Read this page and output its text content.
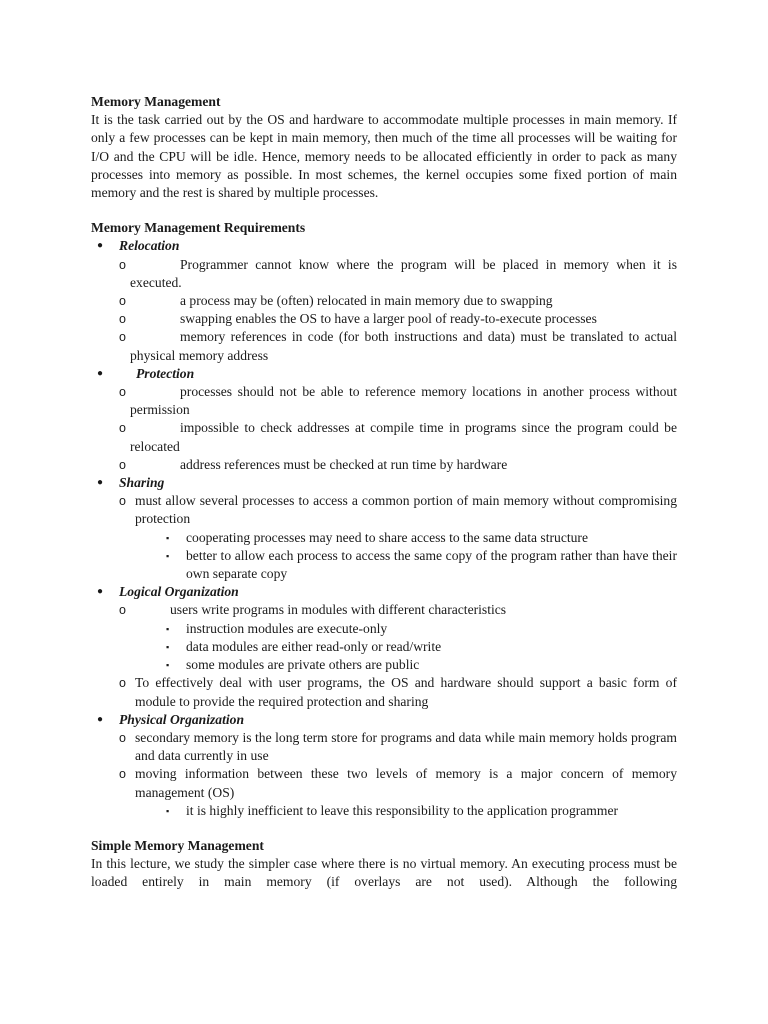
Memory Management

It is the task carried out by the OS and hardware to accommodate multiple processes in main memory. If only a few processes can be kept in main memory, then much of the time all processes will be waiting for I/O and the CPU will be idle. Hence, memory needs to be allocated efficiently in order to pack as many processes into memory as possible. In most schemes, the kernel occupies some fixed portion of main memory and the rest is shared by multiple processes.

Memory Management Requirements

● Relocation

o	Programmer cannot know where the program will be placed in memory when it is executed.

o	a process may be (often) relocated in main memory due to swapping

o	swapping enables the OS to have a larger pool of ready-to-execute processes

o	memory references in code (for both instructions and data) must be translated to actual physical memory address

● Protection

o	processes should not be able to reference memory locations in another process without permission

o	impossible to check addresses at compile time in programs since the program could be relocated

o	address references must be checked at run time by hardware

● Sharing

o must allow several processes to access a common portion of main memory without compromising protection

▪ cooperating processes may need to share access to the same data structure

▪ better to allow each process to access the same copy of the program rather than have their own separate copy

● Logical Organization

o	users write programs in modules with different characteristics

▪ instruction modules are execute-only

▪ data modules are either read-only or read/write

▪ some modules are private others are public

o To effectively deal with user programs, the OS and hardware should support a basic form of module to provide the required protection and sharing

● Physical Organization

o secondary memory is the long term store for programs and data while main memory holds program and data currently in use

o moving information between these two levels of memory is a major concern of memory management (OS)

▪ it is highly inefficient to leave this responsibility to the application programmer

Simple Memory Management

In this lecture, we study the simpler case where there is no virtual memory. An executing process must be loaded entirely in main memory (if overlays are not used). Although the following
